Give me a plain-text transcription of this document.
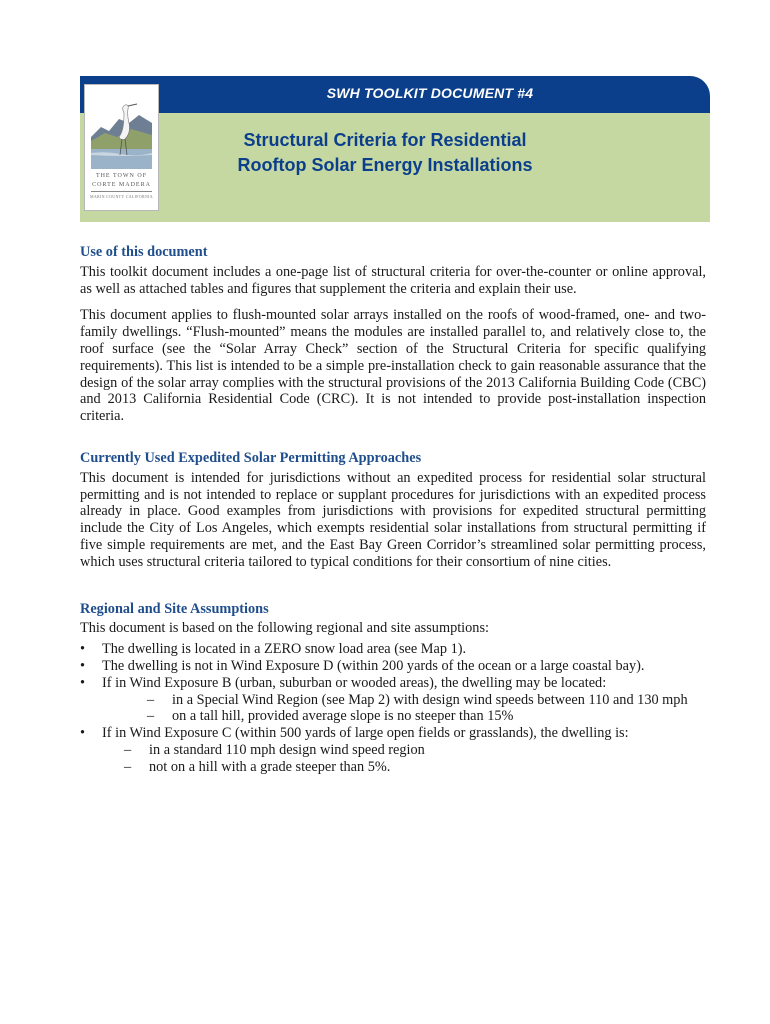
SWH TOOLKIT DOCUMENT #4
THE TOWN OF
CORTE MADERA
MARIN COUNTY CALIFORNIA
Structural Criteria for Residential
Rooftop Solar Energy Installations
Use of this document

This toolkit document includes a one-page list of structural criteria for over-the-counter or online approval, as well as attached tables and figures that supplement the criteria and explain their use.

This document applies to flush-mounted solar arrays installed on the roofs of wood-framed, one- and two- family dwellings. “Flush-mounted” means the modules are installed parallel to, and relatively close to, the roof surface (see the “Solar Array Check” section of the Structural Criteria for specific qualifying requirements). This list is intended to be a simple pre-installation check to gain reasonable assurance that the design of the solar array complies with the structural provisions of the 2013 California Building Code (CBC) and 2013 California Residential Code (CRC). It is not intended to provide post-installation inspection criteria.

Currently Used Expedited Solar Permitting Approaches

This document is intended for jurisdictions without an expedited process for residential solar structural permitting and is not intended to replace or supplant procedures for jurisdictions with an expedited process already in place. Good examples from jurisdictions with provisions for expedited structural permitting include the City of Los Angeles, which exempts residential solar installations from structural permitting if five simple requirements are met, and the East Bay Green Corridor’s streamlined solar permitting process, which uses structural criteria tailored to typical conditions for their consortium of nine cities.

Regional and Site Assumptions

This document is based on the following regional and site assumptions:

• The dwelling is located in a ZERO snow load area (see Map 1).
• The dwelling is not in Wind Exposure D (within 200 yards of the ocean or a large coastal bay).
• If in Wind Exposure B (urban, suburban or wooded areas), the dwelling may be located:
‒ in a Special Wind Region (see Map 2) with design wind speeds between 110 and 130 mph
‒ on a tall hill, provided average slope is no steeper than 15%
• If in Wind Exposure C (within 500 yards of large open fields or grasslands), the dwelling is:
‒ in a standard 110 mph design wind speed region
‒ not on a hill with a grade steeper than 5%.
